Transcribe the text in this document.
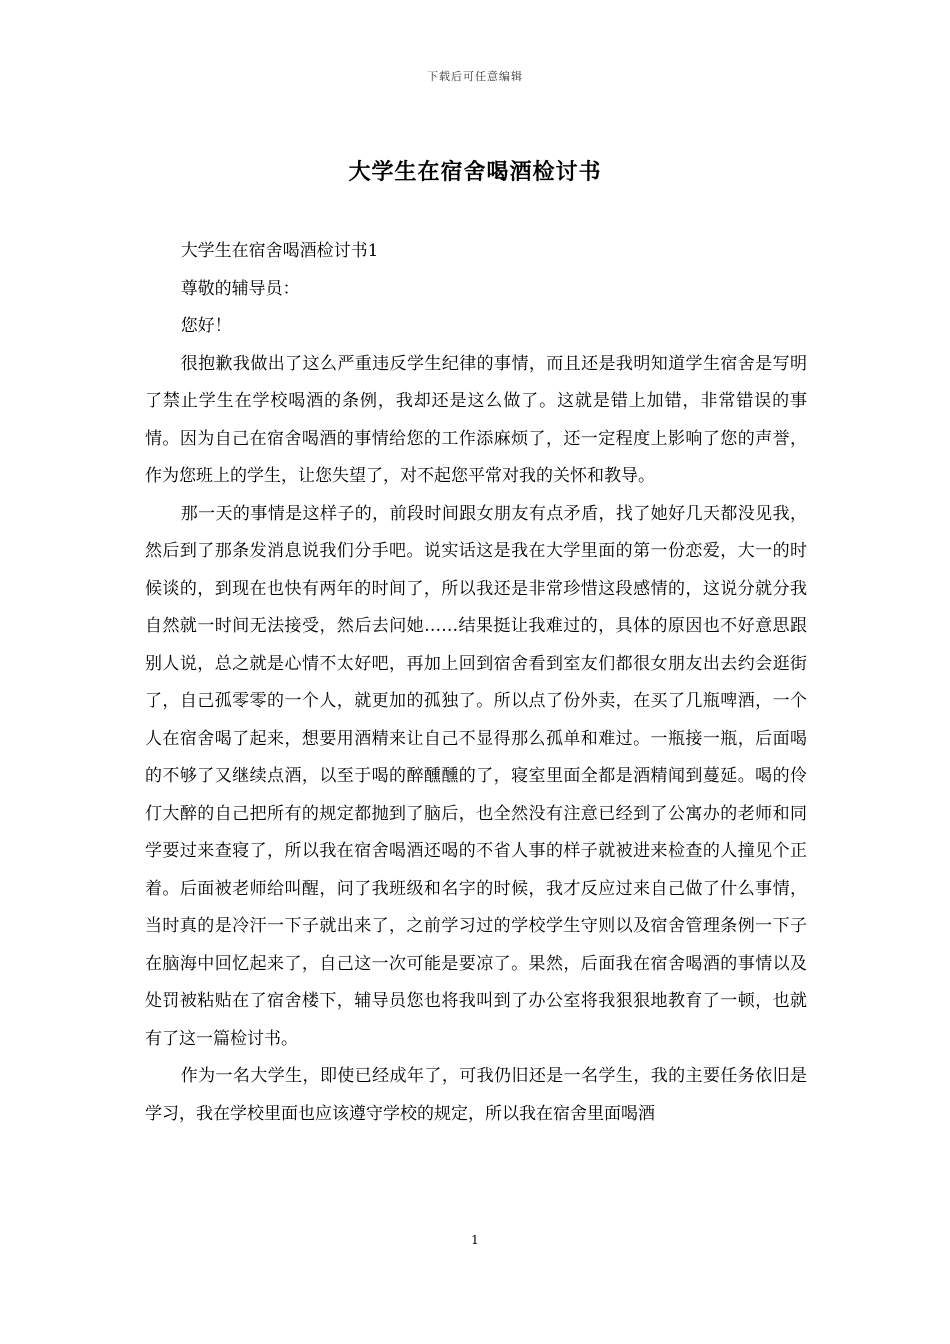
下载后可任意编辑
大学生在宿舍喝酒检讨书

大学生在宿舍喝酒检讨书1

尊敬的辅导员：

您好！

很抱歉我做出了这么严重违反学生纪律的事情，而且还是我明知道学生宿舍是写明了禁止学生在学校喝酒的条例，我却还是这么做了。这就是错上加错，非常错误的事情。因为自己在宿舍喝酒的事情给您的工作添麻烦了，还一定程度上影响了您的声誉，作为您班上的学生，让您失望了，对不起您平常对我的关怀和教导。

那一天的事情是这样子的，前段时间跟女朋友有点矛盾，找了她好几天都没见我，然后到了那条发消息说我们分手吧。说实话这是我在大学里面的第一份恋爱，大一的时候谈的，到现在也快有两年的时间了，所以我还是非常珍惜这段感情的，这说分就分我自然就一时间无法接受，然后去问她……结果挺让我难过的，具体的原因也不好意思跟别人说，总之就是心情不太好吧，再加上回到宿舍看到室友们都很女朋友出去约会逛街了，自己孤零零的一个人，就更加的孤独了。所以点了份外卖，在买了几瓶啤酒，一个人在宿舍喝了起来，想要用酒精来让自己不显得那么孤单和难过。一瓶接一瓶，后面喝的不够了又继续点酒，以至于喝的醉醺醺的了，寝室里面全都是酒精闻到蔓延。喝的伶仃大醉的自己把所有的规定都抛到了脑后，也全然没有注意已经到了公寓办的老师和同学要过来查寝了，所以我在宿舍喝酒还喝的不省人事的样子就被进来检查的人撞见个正着。后面被老师给叫醒，问了我班级和名字的时候，我才反应过来自己做了什么事情，当时真的是冷汗一下子就出来了，之前学习过的学校学生守则以及宿舍管理条例一下子在脑海中回忆起来了，自己这一次可能是要凉了。果然，后面我在宿舍喝酒的事情以及处罚被粘贴在了宿舍楼下，辅导员您也将我叫到了办公室将我狠狠地教育了一顿，也就有了这一篇检讨书。

作为一名大学生，即使已经成年了，可我仍旧还是一名学生，我的主要任务依旧是学习，我在学校里面也应该遵守学校的规定，所以我在宿舍里面喝酒

1
